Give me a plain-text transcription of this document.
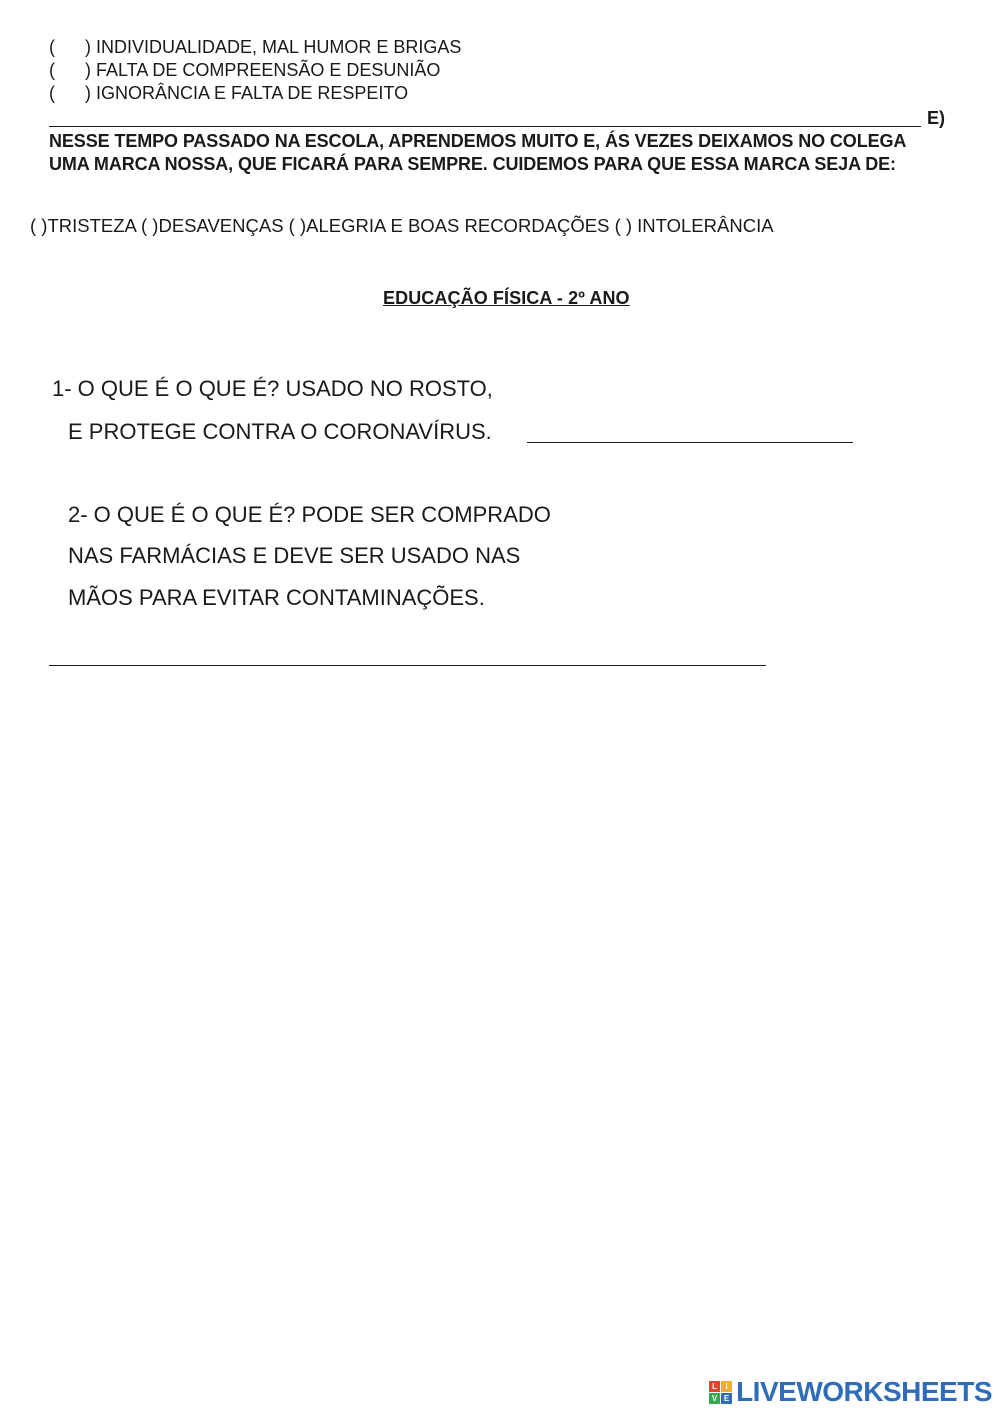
( ) INDIVIDUALIDADE, MAL HUMOR E BRIGAS
( ) FALTA DE COMPREENSÃO E DESUNIÃO
( ) IGNORÂNCIA E FALTA DE RESPEITO
E)
NESSE TEMPO PASSADO NA ESCOLA, APRENDEMOS MUITO E, ÁS VEZES DEIXAMOS NO COLEGA UMA MARCA NOSSA, QUE FICARÁ PARA SEMPRE. CUIDEMOS PARA QUE ESSA MARCA SEJA DE:
( )TRISTEZA ( )DESAVENÇAS ( )ALEGRIA E BOAS RECORDAÇÕES ( ) INTOLERÂNCIA
EDUCAÇÃO FÍSICA - 2º ANO
1- O QUE É O QUE É? USADO NO ROSTO,
E PROTEGE CONTRA O CORONAVÍRUS.
2- O QUE É O QUE É? PODE SER COMPRADO
NAS FARMÁCIAS E DEVE SER USADO NAS
MÃOS PARA EVITAR CONTAMINAÇÕES.
L	I
V E LIVEWORKSHEETS
